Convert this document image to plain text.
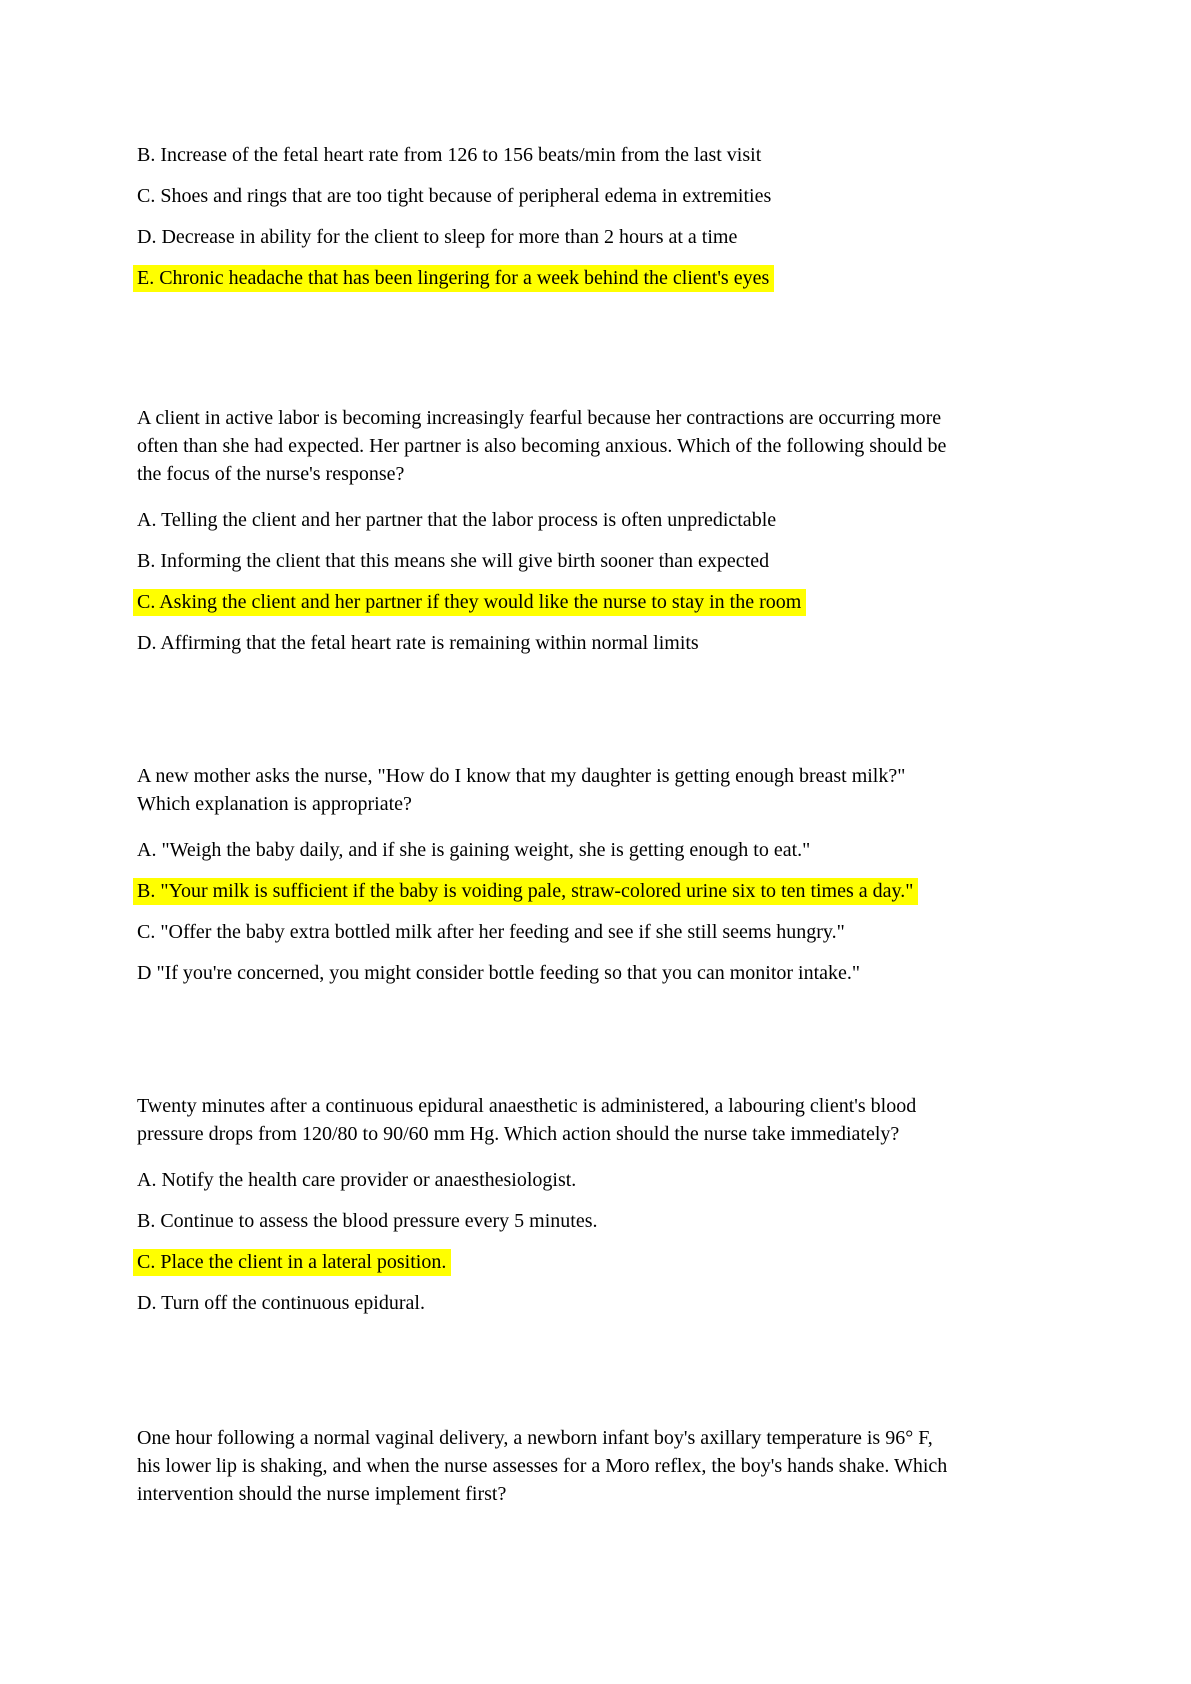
B. Increase of the fetal heart rate from 126 to 156 beats/min from the last visit
C. Shoes and rings that are too tight because of peripheral edema in extremities
D. Decrease in ability for the client to sleep for more than 2 hours at a time
E. Chronic headache that has been lingering for a week behind the client's eyes
A client in active labor is becoming increasingly fearful because her contractions are occurring more
often than she had expected. Her partner is also becoming anxious. Which of the following should be
the focus of the nurse's response?
A. Telling the client and her partner that the labor process is often unpredictable
B. Informing the client that this means she will give birth sooner than expected
C. Asking the client and her partner if they would like the nurse to stay in the room
D. Affirming that the fetal heart rate is remaining within normal limits
A new mother asks the nurse, "How do I know that my daughter is getting enough breast milk?"
Which explanation is appropriate?
A. "Weigh the baby daily, and if she is gaining weight, she is getting enough to eat."
B. "Your milk is sufficient if the baby is voiding pale, straw-colored urine six to ten times a day."
C. "Offer the baby extra bottled milk after her feeding and see if she still seems hungry."
D "If you're concerned, you might consider bottle feeding so that you can monitor intake."
Twenty minutes after a continuous epidural anaesthetic is administered, a labouring client's blood
pressure drops from 120/80 to 90/60 mm Hg. Which action should the nurse take immediately?
A. Notify the health care provider or anaesthesiologist.
B. Continue to assess the blood pressure every 5 minutes.
C. Place the client in a lateral position.
D. Turn off the continuous epidural.
One hour following a normal vaginal delivery, a newborn infant boy's axillary temperature is 96° F,
his lower lip is shaking, and when the nurse assesses for a Moro reflex, the boy's hands shake. Which
intervention should the nurse implement first?
